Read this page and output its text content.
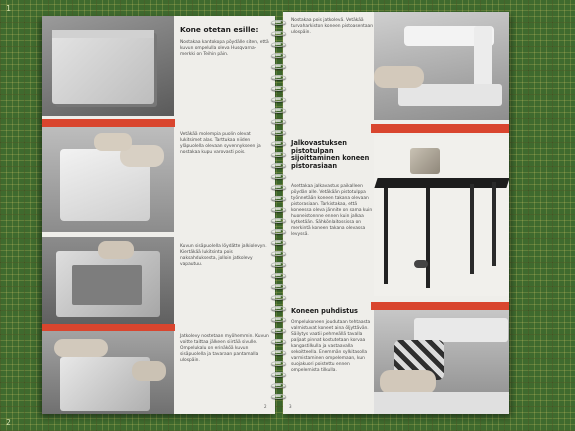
Kone otetan esille:
Nostakaa kantokopa pöydälle siten, että kuvun ompelulla oleva Husqvarna-merkki on Teihin päin.
Vetäkää molempia puolin olevat lukitsimet alas. Tarttukaa niiden yläpuolella olevaan syvennykseen ja nostakaa kupu varovasti pois.
Kuvun sisäpuolella löydätte jalkiolevyn. Kiertäkää lukitsinta pois naksahduksesta, jolloin jatkolevy vapautuu.
Jatkolevy nostetaan myöhemmin. Kuvun voitte taittaa jälkeen siirtää sivulle. Ompelukalu on erinäköä kuvun sisäpuolella ja tavaraan pantamalla ulospäin.
2
Nostakaa pois jatkolevä. Vetäkää turvaharkiston koneen pistoasentaan ulospäin.
Jalkovastuksen pistotulpan sijoittaminen koneen pistorasiaan
Asettakaa jalkavastus paikalleen pöydän alle. Vetäkään pistotulppa työnnetään koneen takana olevaan pistorasiaan. Tarkistakaa, että koneessa oleva jännite on sama kuin huoneistonnne ennen kuin jalkaa kytketään. Sähkönlaitossissa on merkintä koneen takana olevassa levyssä.
Koneen puhdistus
Ompelukoneen joudutaan tehtaasta valmistuvat koneet aina öljyttävän. Säilytys vaatii pehmeällä tavalla paljaat pinnat kostutetaan korvaa kangastilkulla ja vastaavalla sekoitteella. Enemmän sylkitasolla varmistaminen ompelemaan, kun suojakuori poistettu ennen ompelemista tilkulla.
3
1
2
